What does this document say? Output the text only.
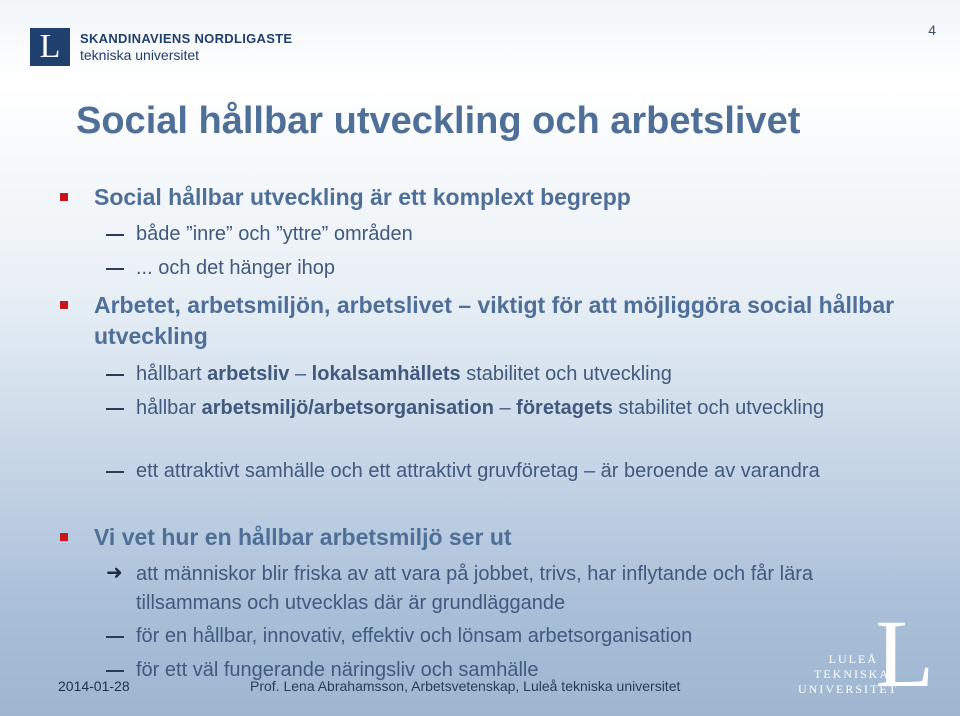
L SKANDINAVIENS NORDLIGASTE
tekniska universitet
4
Social hållbar utveckling och arbetslivet
Social hållbar utveckling är ett komplext begrepp
både ”inre” och ”yttre” områden
... och det hänger ihop
Arbetet, arbetsmiljön, arbetslivet – viktigt för att möjliggöra social hållbar utveckling
hållbart arbetsliv – lokalsamhällets stabilitet och utveckling
hållbar arbetsmiljö/arbetsorganisation – företagets stabilitet och utveckling
ett attraktivt samhälle och ett attraktivt gruvföretag – är beroende av varandra
Vi vet hur en hållbar arbetsmiljö ser ut
➜ att människor blir friska av att vara på jobbet, trivs, har inflytande och får lära tillsammans och utvecklas där är grundläggande
för en hållbar, innovativ, effektiv och lönsam arbetsorganisation
för ett väl fungerande näringsliv och samhälle
2014-01-28	Prof. Lena Abrahamsson, Arbetsvetenskap, Luleå tekniska universitet L
LULEÅ
TEKNISKA
UNIVERSITET
